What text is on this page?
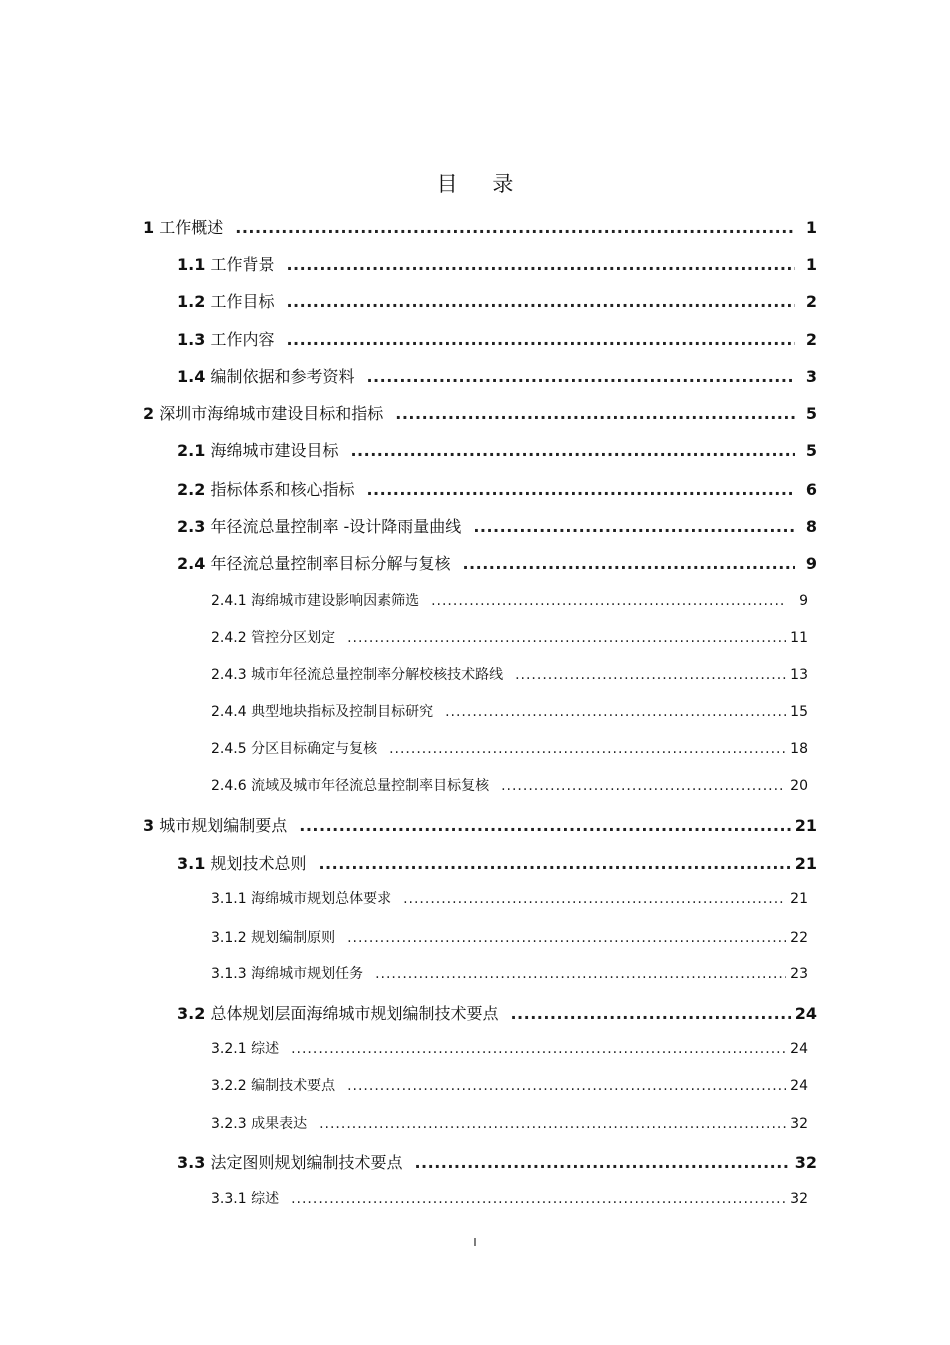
目 录
1 工作概述 .....	1
1.1 工作背景 .....	1
1.2 工作目标 .....	2
1.3 工作内容 .....	2
1.4 编制依据和参考资料 .....	3
2 深圳市海绵城市建设目标和指标 .....	5
2.1 海绵城市建设目标 .....	5
2.2 指标体系和核心指标 .....	6
2.3 年径流总量控制率 -设计降雨量曲线 .....	8
2.4 年径流总量控制率目标分解与复核 .....	9
2.4.1 海绵城市建设影响因素筛选 .....	9
2.4.2 管控分区划定 .....	11
2.4.3 城市年径流总量控制率分解校核技术路线 .....	13
2.4.4 典型地块指标及控制目标研究 .....	15
2.4.5 分区目标确定与复核 .....	18
2.4.6 流域及城市年径流总量控制率目标复核 .....	20
3 城市规划编制要点 .....	21
3.1 规划技术总则 .....	21
3.1.1 海绵城市规划总体要求 .....	21
3.1.2 规划编制原则 .....	22
3.1.3 海绵城市规划任务 .....	23
3.2 总体规划层面海绵城市规划编制技术要点 .....	24
3.2.1 综述 .....	24
3.2.2 编制技术要点 .....	24
3.2.3 成果表达 .....	32
3.3 法定图则规划编制技术要点 .....	32
3.3.1 综述 .....	32
I
